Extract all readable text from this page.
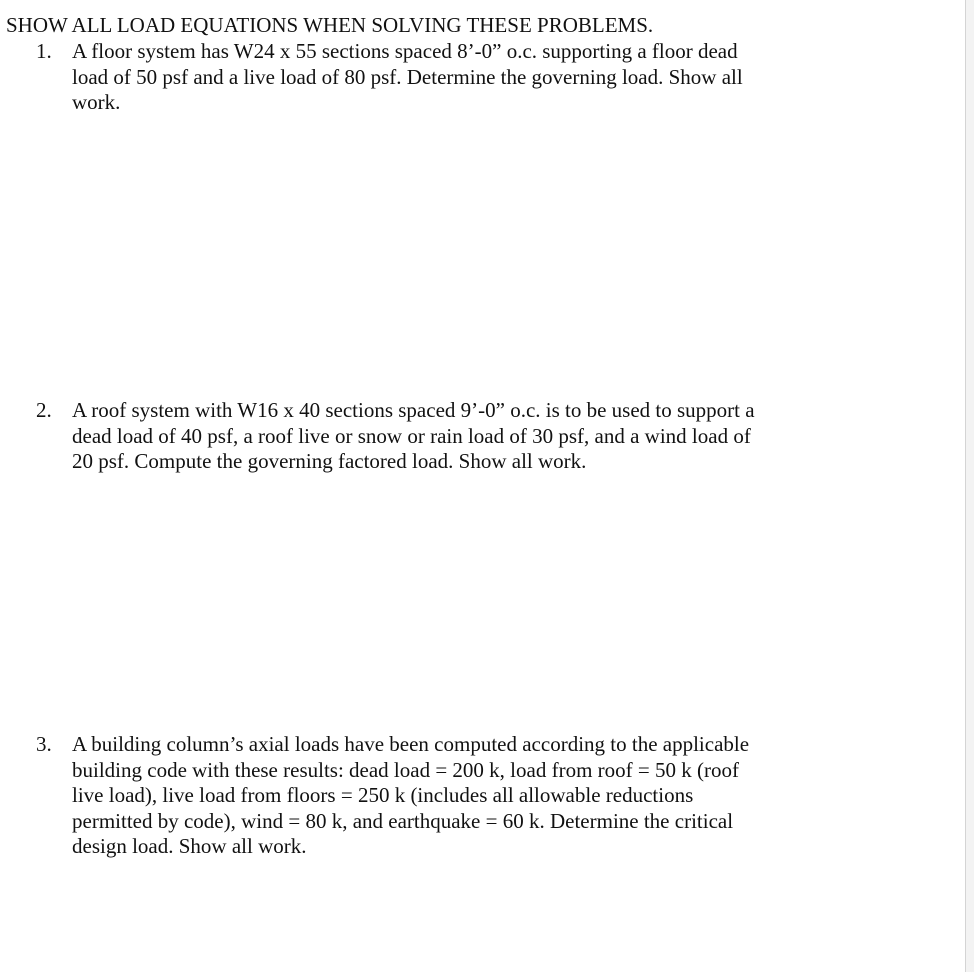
SHOW ALL LOAD EQUATIONS WHEN SOLVING THESE PROBLEMS.
1. A floor system has W24 x 55 sections spaced 8’-0” o.c. supporting a floor dead
load of 50 psf and a live load of 80 psf. Determine the governing load. Show all
work.
2. A roof system with W16 x 40 sections spaced 9’-0” o.c. is to be used to support a
dead load of 40 psf, a roof live or snow or rain load of 30 psf, and a wind load of
20 psf. Compute the governing factored load. Show all work.
3. A building column’s axial loads have been computed according to the applicable
building code with these results: dead load = 200 k, load from roof = 50 k (roof
live load), live load from floors = 250 k (includes all allowable reductions
permitted by code), wind = 80 k, and earthquake = 60 k. Determine the critical
design load. Show all work.
